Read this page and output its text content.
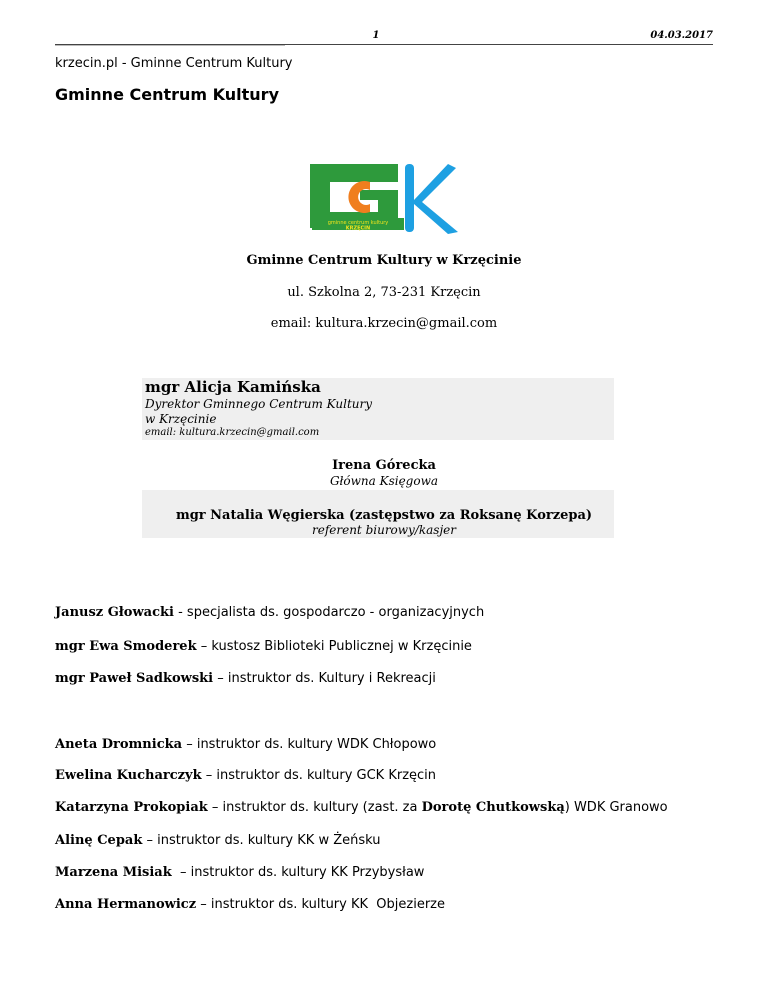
1	04.03.2017
krzecin.pl - Gminne Centrum Kultury
Gminne Centrum Kultury
gminne centrum kultury
KRZĘCIN
Gminne Centrum Kultury w Krzęcinie
ul. Szkolna 2, 73-231 Krzęcin
email: kultura.krzecin@gmail.com
mgr Alicja Kamińska
Dyrektor Gminnego Centrum Kultury
w Krzęcinie
email: kultura.krzecin@gmail.com
Irena Górecka
Główna Księgowa
mgr Natalia Węgierska (zastępstwo za Roksanę Korzepa)
referent biurowy/kasjer
Janusz Głowacki - specjalista ds. gospodarczo - organizacyjnych
mgr Ewa Smoderek – kustosz Biblioteki Publicznej w Krzęcinie
mgr Paweł Sadkowski – instruktor ds. Kultury i Rekreacji
Aneta Dromnicka – instruktor ds. kultury WDK Chłopowo
Ewelina Kucharczyk – instruktor ds. kultury GCK Krzęcin
Katarzyna Prokopiak – instruktor ds. kultury (zast. za Dorotę Chutkowską) WDK Granowo
Alinę Cepak – instruktor ds. kultury KK w Żeńsku
Marzena Misiak  – instruktor ds. kultury KK Przybysław
Anna Hermanowicz – instruktor ds. kultury KK  Objezierze
